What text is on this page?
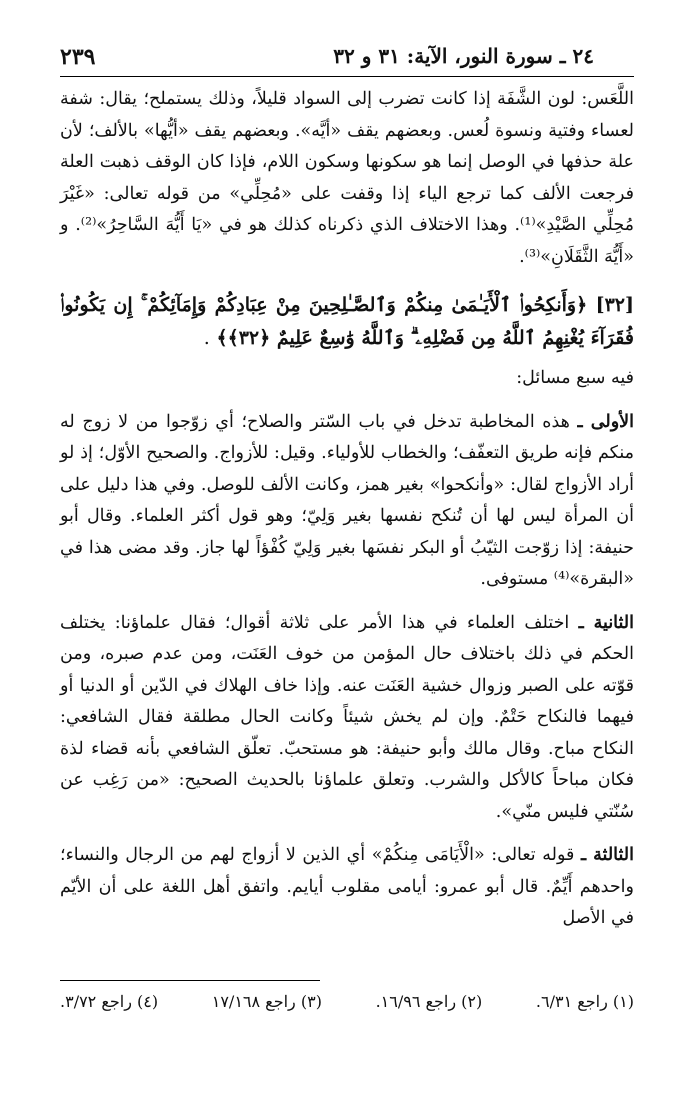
٢٣٩	٢٤ ـ سورة النور، الآية: ٣١ و ٣٢

اللَّعَس: لون الشَّفَة إذا كانت تضرب إلى السواد قليلاً، وذلك يستملح؛ يقال: شفة لعساء وفتية ونسوة لُعس. وبعضهم يقف «أيَّه». وبعضهم يقف «أيُّها» بالألف؛ لأن علة حذفها في الوصل إنما هو سكونها وسكون اللام، فإذا كان الوقف ذهبت العلة فرجعت الألف كما ترجع الياء إذا وقفت على «مُحِلِّي» من قوله تعالى: «غَيْرَ مُحِلِّي الصَّيْدِ»⁽¹⁾. وهذا الاختلاف الذي ذكرناه كذلك هو في «يَا أَيُّهَ السَّاحِرُ»⁽²⁾. و «أَيُّهَ الثَّقَلَانِ»⁽³⁾.

[٣٢] ﴿وَأَنكِحُوا۟ ٱلْأَيَـٰمَىٰ مِنكُمْ وَٱلصَّـٰلِحِينَ مِنْ عِبَادِكُمْ وَإِمَآئِكُمْ ۚ إِن يَكُونُوا۟ فُقَرَآءَ يُغْنِهِمُ ٱللَّهُ مِن فَضْلِهِۦ ۗ وَٱللَّهُ وَٰسِعٌ عَلِيمٌ ﴿٣٢﴾﴾ .

فيه سبع مسائل:

الأولى ـ هذه المخاطبة تدخل في باب السّتر والصلاح؛ أي زوّجوا من لا زوج له منكم فإنه طريق التعفّف؛ والخطاب للأولياء. وقيل: للأزواج. والصحيح الأوّل؛ إذ لو أراد الأزواج لقال: «وأنكحوا» بغير همز، وكانت الألف للوصل. وفي هذا دليل على أن المرأة ليس لها أن تُنكح نفسها بغير وَلِيّ؛ وهو قول أكثر العلماء. وقال أبو حنيفة: إذا زوّجت الثيّبُ أو البكر نفسَها بغير وَلِيّ كُفْؤاً لها جاز. وقد مضى هذا في «البقرة»⁽⁴⁾ مستوفى.

الثانية ـ اختلف العلماء في هذا الأمر على ثلاثة أقوال؛ فقال علماؤنا: يختلف الحكم في ذلك باختلاف حال المؤمن من خوف العَنَت، ومن عدم صبره، ومن قوّته على الصبر وزوال خشية العَنَت عنه. وإذا خاف الهلاك في الدّين أو الدنيا أو فيهما فالنكاح حَتْمٌ. وإن لم يخش شيئاً وكانت الحال مطلقة فقال الشافعي: النكاح مباح. وقال مالك وأبو حنيفة: هو مستحبّ. تعلّق الشافعي بأنه قضاء لذة فكان مباحاً كالأكل والشرب. وتعلق علماؤنا بالحديث الصحيح: «من رَغِب عن سُنّتي فليس منّي».

الثالثة ـ قوله تعالى: «الْأَيَامَى مِنكُمْ» أي الذين لا أزواج لهم من الرجال والنساء؛ واحدهم أَيِّمٌ. قال أبو عمرو: أيامى مقلوب أيايم. واتفق أهل اللغة على أن الأيّم في الأصل

(١) راجع ٦/٣١.
(٢) راجع ١٦/٩٦.
(٣) راجع ١٧/١٦٨
(٤) راجع ٣/٧٢.
